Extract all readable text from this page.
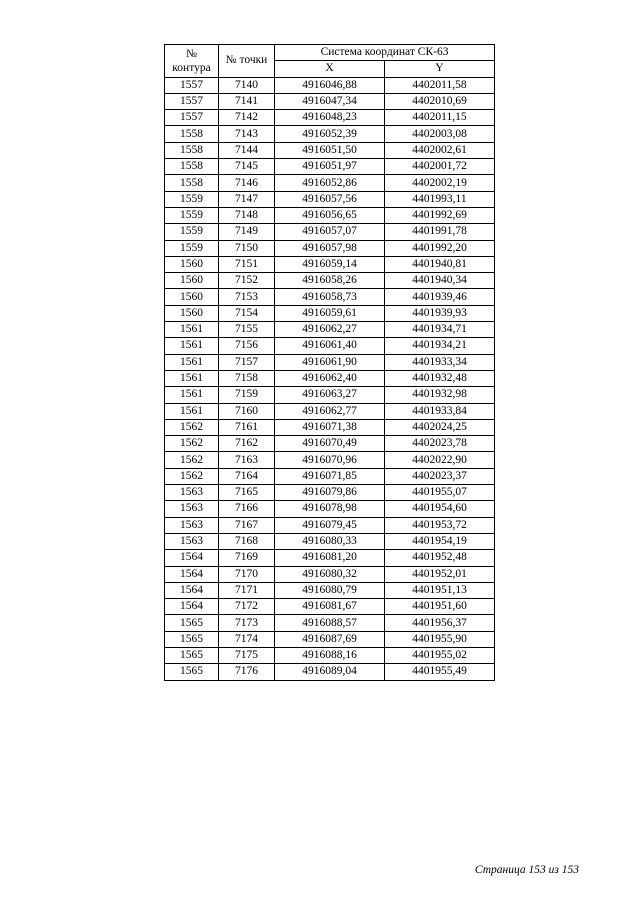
№
контура	№ точки	Система координат СК-63	
		X	Y
1557	7140	4916046,88	4402011,58
1557	7141	4916047,34	4402010,69
1557	7142	4916048,23	4402011,15
1558	7143	4916052,39	4402003,08
1558	7144	4916051,50	4402002,61
1558	7145	4916051,97	4402001,72
1558	7146	4916052,86	4402002,19
1559	7147	4916057,56	4401993,11
1559	7148	4916056,65	4401992,69
1559	7149	4916057,07	4401991,78
1559	7150	4916057,98	4401992,20
1560	7151	4916059,14	4401940,81
1560	7152	4916058,26	4401940,34
1560	7153	4916058,73	4401939,46
1560	7154	4916059,61	4401939,93
1561	7155	4916062,27	4401934,71
1561	7156	4916061,40	4401934,21
1561	7157	4916061,90	4401933,34
1561	7158	4916062,40	4401932,48
1561	7159	4916063,27	4401932,98
1561	7160	4916062,77	4401933,84
1562	7161	4916071,38	4402024,25
1562	7162	4916070,49	4402023,78
1562	7163	4916070,96	4402022,90
1562	7164	4916071,85	4402023,37
1563	7165	4916079,86	4401955,07
1563	7166	4916078,98	4401954,60
1563	7167	4916079,45	4401953,72
1563	7168	4916080,33	4401954,19
1564	7169	4916081,20	4401952,48
1564	7170	4916080,32	4401952,01
1564	7171	4916080,79	4401951,13
1564	7172	4916081,67	4401951,60
1565	7173	4916088,57	4401956,37
1565	7174	4916087,69	4401955,90
1565	7175	4916088,16	4401955,02
1565	7176	4916089,04	4401955,49
Страница 153 из 153
